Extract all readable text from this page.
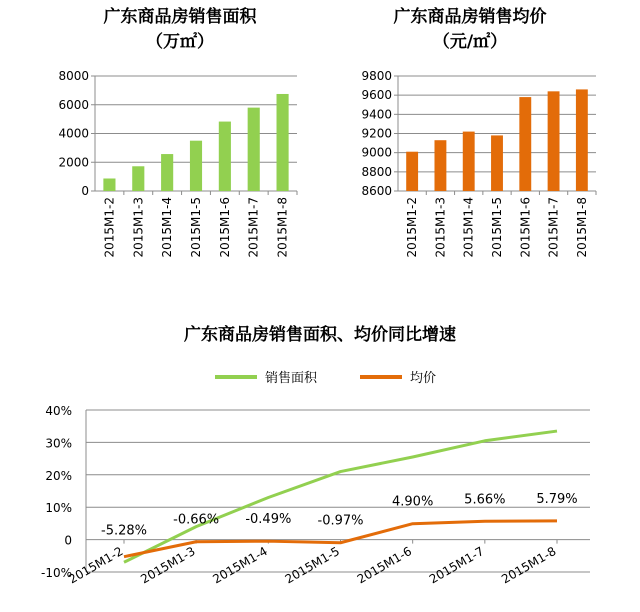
广东商品房销售面积
（万㎡）
0
2000
4000
6000
8000
2015M1-2 2015M1-3 2015M1-4 2015M1-5 2015M1-6 2015M1-7 2015M1-8
广东商品房销售均价
（元/㎡）
8600
8800
9000
9200
9400
9600
9800
2015M1-2 2015M1-3 2015M1-4 2015M1-5 2015M1-6 2015M1-7 2015M1-8
广东商品房销售面积、均价同比增速
销售面积	均价
-10%
0
10%
20%
30%
40%
2015M1-2 2015M1-3 2015M1-4 2015M1-5 2015M1-6 2015M1-7 2015M1-8
-5.28%
-0.66% -0.49% -0.97%
4.90% 5.66% 5.79%
